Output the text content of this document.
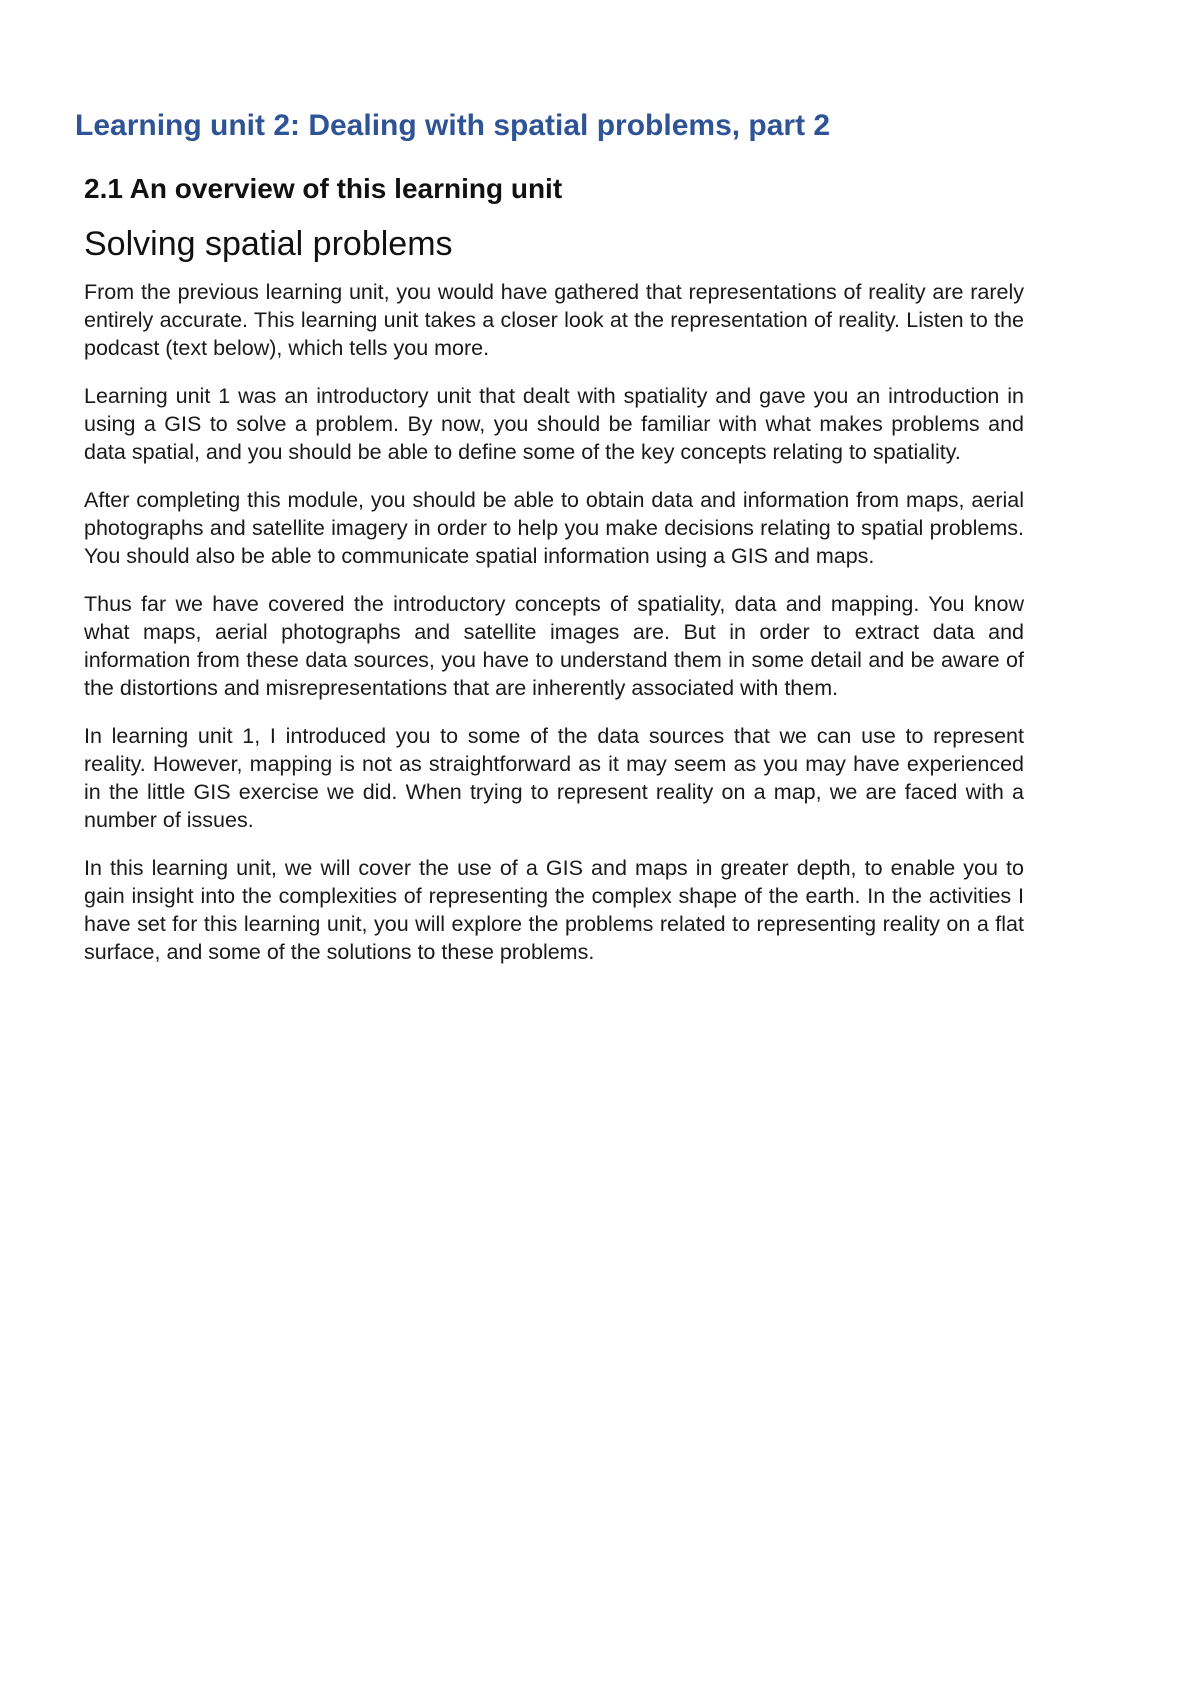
Learning unit 2: Dealing with spatial problems, part 2
2.1 An overview of this learning unit
Solving spatial problems

From the previous learning unit, you would have gathered that representations of reality are rarely entirely accurate. This learning unit takes a closer look at the representation of reality. Listen to the podcast (text below), which tells you more.

Learning unit 1 was an introductory unit that dealt with spatiality and gave you an introduction in using a GIS to solve a problem. By now, you should be familiar with what makes problems and data spatial, and you should be able to define some of the key concepts relating to spatiality.

After completing this module, you should be able to obtain data and information from maps, aerial photographs and satellite imagery in order to help you make decisions relating to spatial problems. You should also be able to communicate spatial information using a GIS and maps.

Thus far we have covered the introductory concepts of spatiality, data and mapping. You know what maps, aerial photographs and satellite images are. But in order to extract data and information from these data sources, you have to understand them in some detail and be aware of the distortions and misrepresentations that are inherently associated with them.

In learning unit 1, I introduced you to some of the data sources that we can use to represent reality. However, mapping is not as straightforward as it may seem as you may have experienced in the little GIS exercise we did. When trying to represent reality on a map, we are faced with a number of issues.

In this learning unit, we will cover the use of a GIS and maps in greater depth, to enable you to gain insight into the complexities of representing the complex shape of the earth. In the activities I have set for this learning unit, you will explore the problems related to representing reality on a flat surface, and some of the solutions to these problems.
